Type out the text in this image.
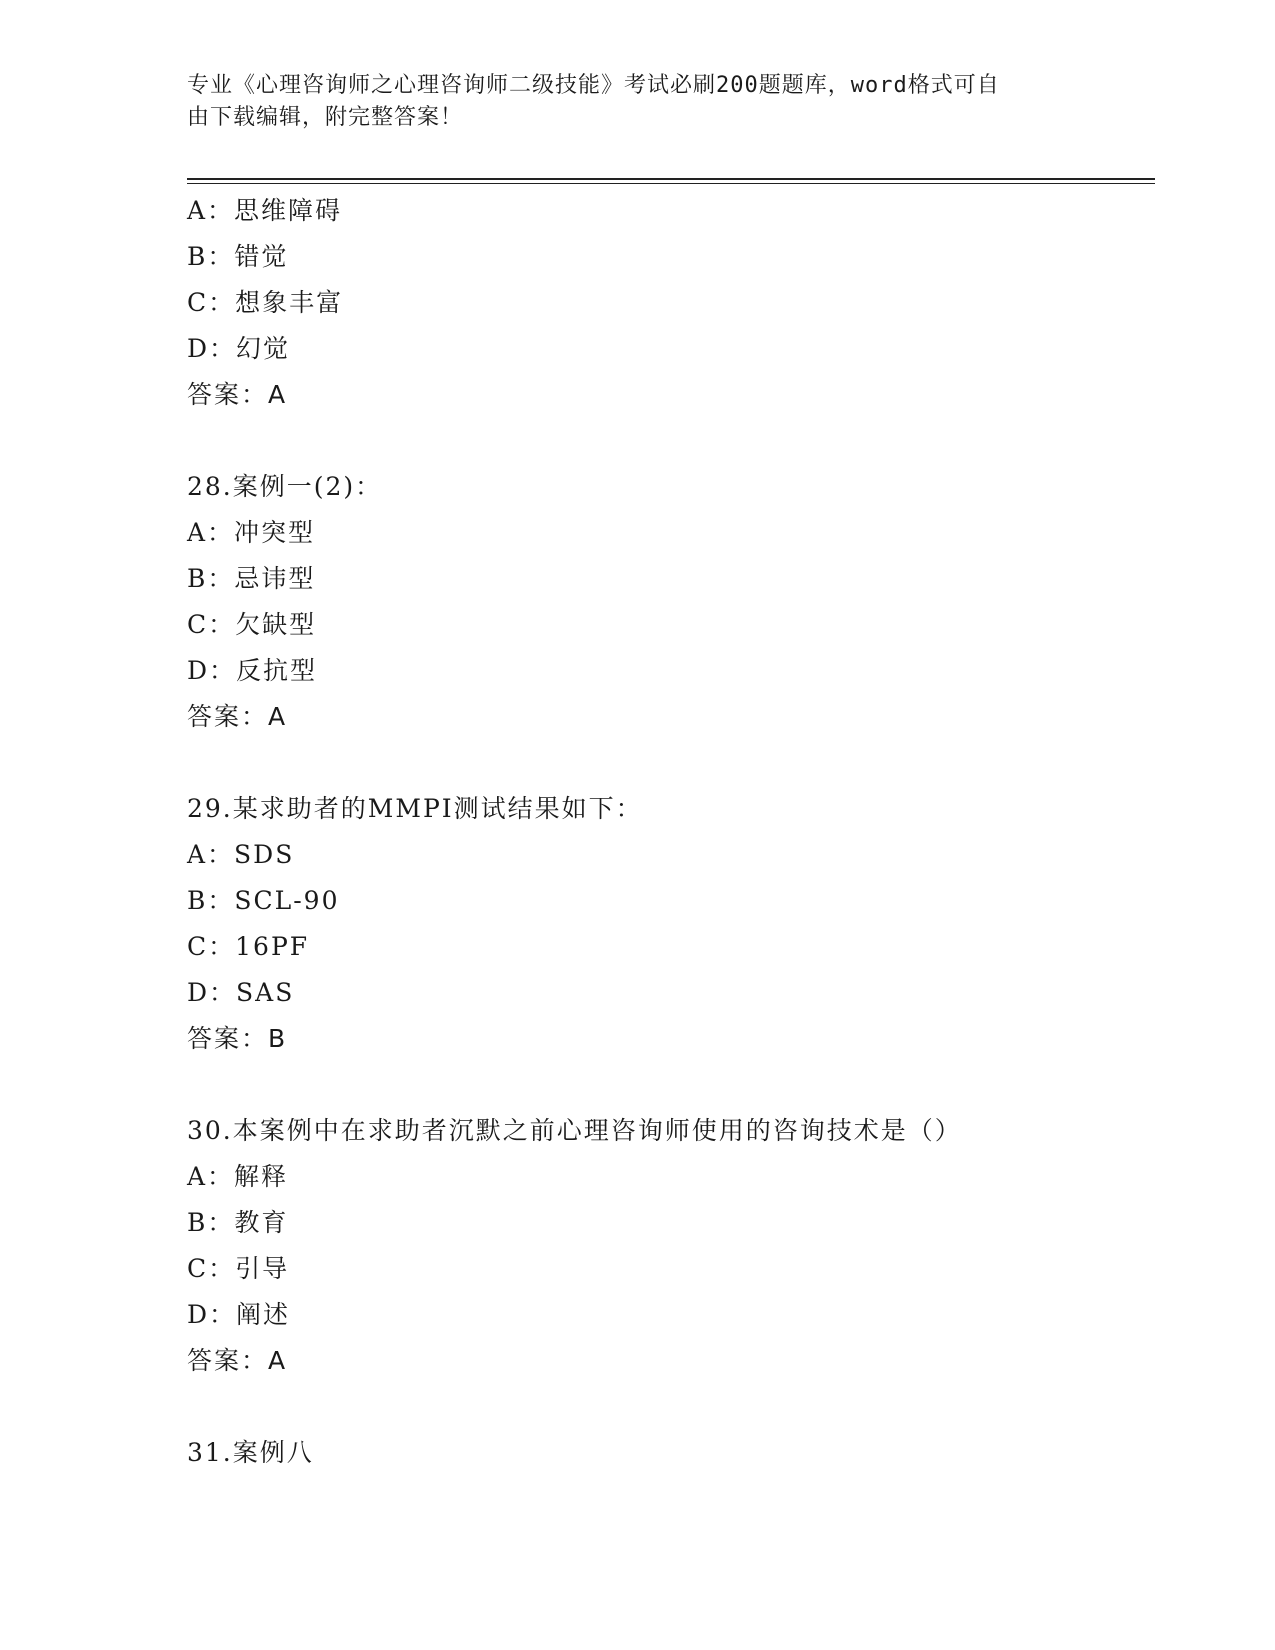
专业《心理咨询师之心理咨询师二级技能》考试必刷200题题库，word格式可自
由下载编辑，附完整答案！
A：思维障碍
B：错觉
C：想象丰富
D：幻觉
答案：A
28.案例一(2)：
A：冲突型
B：忌讳型
C：欠缺型
D：反抗型
答案：A
29.某求助者的MMPI测试结果如下：
A：SDS
B：SCL-90
C：16PF
D：SAS
答案：B
30.本案例中在求助者沉默之前心理咨询师使用的咨询技术是（）
A：解释
B：教育
C：引导
D：阐述
答案：A
31.案例八
